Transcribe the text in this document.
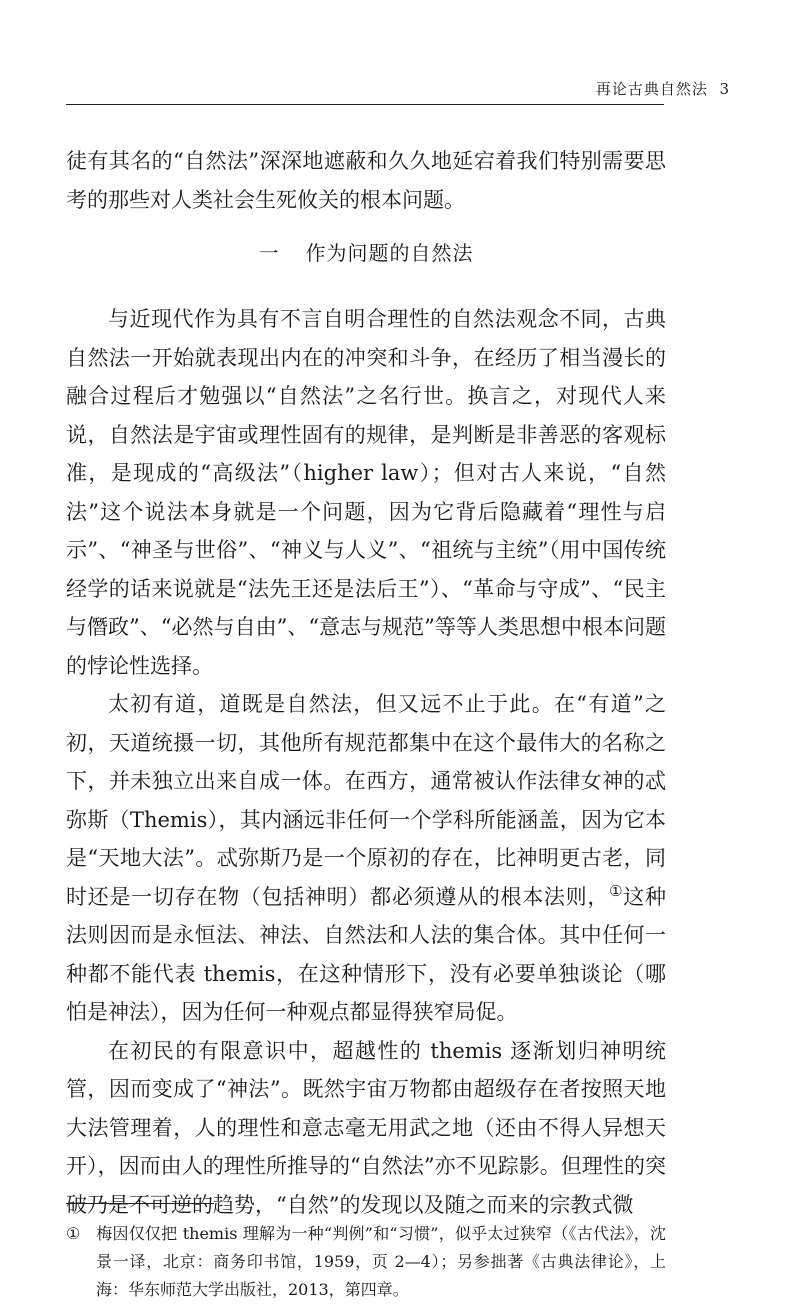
再论古典自然法 3

徒有其名的“自然法”深深地遮蔽和久久地延宕着我们特别需要思考的那些对人类社会生死攸关的根本问题。

一 作为问题的自然法

与近现代作为具有不言自明合理性的自然法观念不同，古典自然法一开始就表现出内在的冲突和斗争，在经历了相当漫长的融合过程后才勉强以“自然法”之名行世。换言之，对现代人来说，自然法是宇宙或理性固有的规律，是判断是非善恶的客观标准，是现成的“高级法”（higher law）；但对古人来说，“自然法”这个说法本身就是一个问题，因为它背后隐藏着“理性与启示”、“神圣与世俗”、“神义与人义”、“祖统与主统”（用中国传统经学的话来说就是“法先王还是法后王”）、“革命与守成”、“民主与僭政”、“必然与自由”、“意志与规范”等等人类思想中根本问题的悖论性选择。

太初有道，道既是自然法，但又远不止于此。在“有道”之初，天道统摄一切，其他所有规范都集中在这个最伟大的名称之下，并未独立出来自成一体。在西方，通常被认作法律女神的忒弥斯（Themis），其内涵远非任何一个学科所能涵盖，因为它本是“天地大法”。忒弥斯乃是一个原初的存在，比神明更古老，同时还是一切存在物（包括神明）都必须遵从的根本法则，①这种法则因而是永恒法、神法、自然法和人法的集合体。其中任何一种都不能代表 themis，在这种情形下，没有必要单独谈论（哪怕是神法），因为任何一种观点都显得狭窄局促。

在初民的有限意识中，超越性的 themis 逐渐划归神明统管，因而变成了“神法”。既然宇宙万物都由超级存在者按照天地大法管理着，人的理性和意志毫无用武之地（还由不得人异想天开），因而由人的理性所推导的“自然法”亦不见踪影。但理性的突破乃是不可逆的趋势，“自然”的发现以及随之而来的宗教式微

① 梅因仅仅把 themis 理解为一种“判例”和“习惯”，似乎太过狭窄（《古代法》，沈景一译，北京：商务印书馆，1959，页 2—4）；另参拙著《古典法律论》，上海：华东师范大学出版社，2013，第四章。
